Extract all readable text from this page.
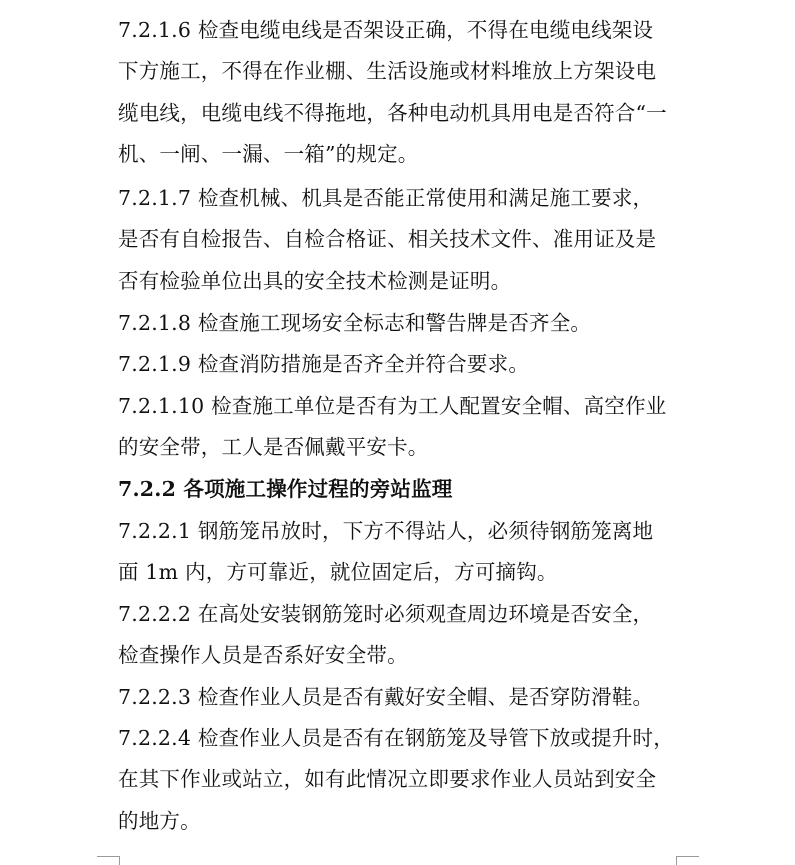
7.2.1.6 检查电缆电线是否架设正确，不得在电缆电线架设
下方施工，不得在作业棚、生活设施或材料堆放上方架设电
缆电线，电缆电线不得拖地，各种电动机具用电是否符合“一
机、一闸、一漏、一箱”的规定。
7.2.1.7 检查机械、机具是否能正常使用和满足施工要求，
是否有自检报告、自检合格证、相关技术文件、准用证及是
否有检验单位出具的安全技术检测是证明。
7.2.1.8 检查施工现场安全标志和警告牌是否齐全。
7.2.1.9 检查消防措施是否齐全并符合要求。
7.2.1.10 检查施工单位是否有为工人配置安全帽、高空作业
的安全带，工人是否佩戴平安卡。
7.2.2 各项施工操作过程的旁站监理
7.2.2.1 钢筋笼吊放时，下方不得站人，必须待钢筋笼离地
面 1m 内，方可靠近，就位固定后，方可摘钩。
7.2.2.2 在高处安装钢筋笼时必须观查周边环境是否安全，
检查操作人员是否系好安全带。
7.2.2.3 检查作业人员是否有戴好安全帽、是否穿防滑鞋。
7.2.2.4 检查作业人员是否有在钢筋笼及导管下放或提升时，
在其下作业或站立，如有此情况立即要求作业人员站到安全
的地方。
